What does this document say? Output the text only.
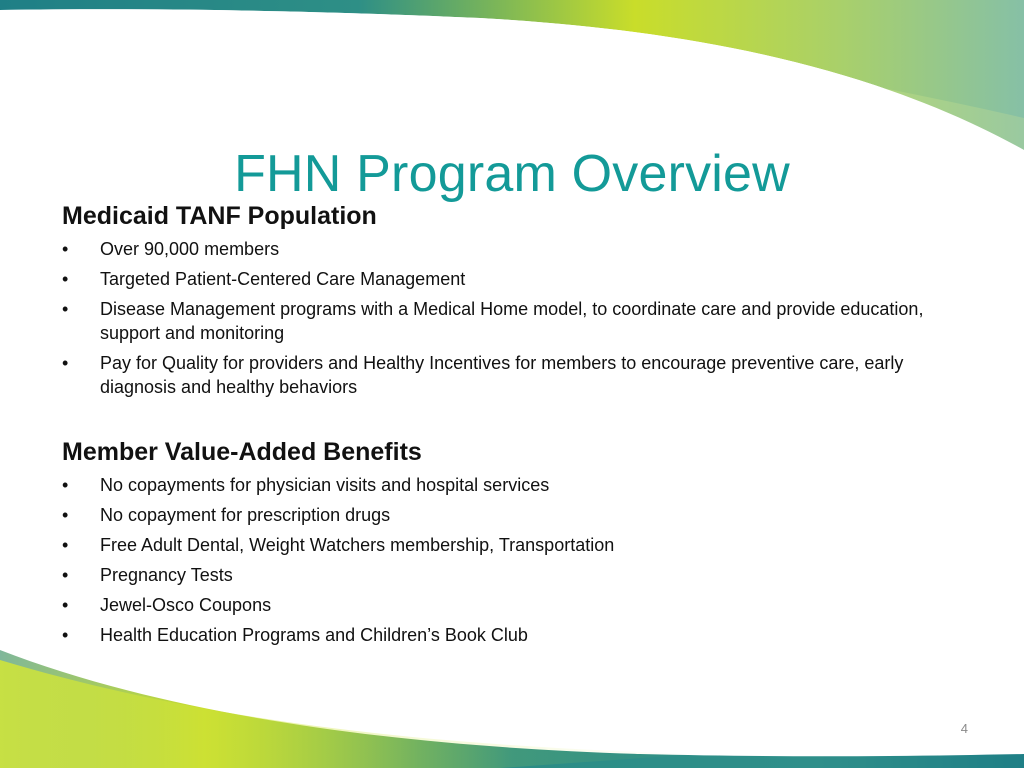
FHN Program Overview
Medicaid TANF Population
•	Over 90,000 members
•	Targeted Patient-Centered Care Management
•	Disease Management programs with a Medical Home model, to coordinate care and provide education, support and monitoring
•	Pay for Quality for providers and Healthy Incentives for members to encourage preventive care, early diagnosis and healthy behaviors
Member Value-Added Benefits
•	No copayments for physician visits and hospital services
•	No copayment for prescription drugs
•	Free Adult Dental, Weight Watchers membership, Transportation
•	Pregnancy Tests
•	Jewel-Osco Coupons
•	Health Education Programs and Children’s Book Club
4
